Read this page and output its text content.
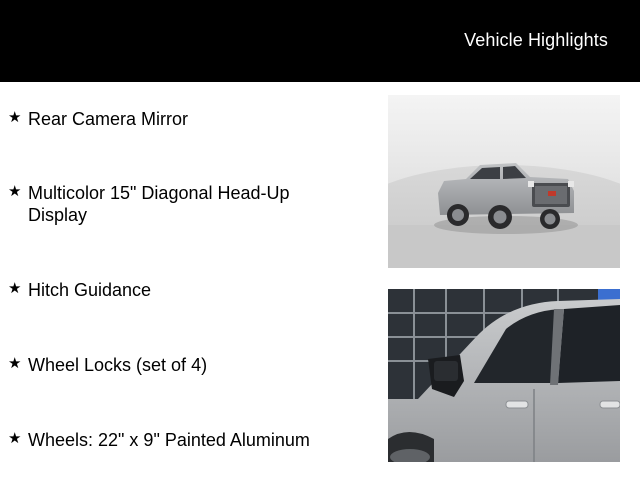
Vehicle Highlights
★ Rear Camera Mirror
★ Multicolor 15" Diagonal Head-Up Display
★ Hitch Guidance
★ Wheel Locks (set of 4)
★ Wheels: 22" x 9" Painted Aluminum
